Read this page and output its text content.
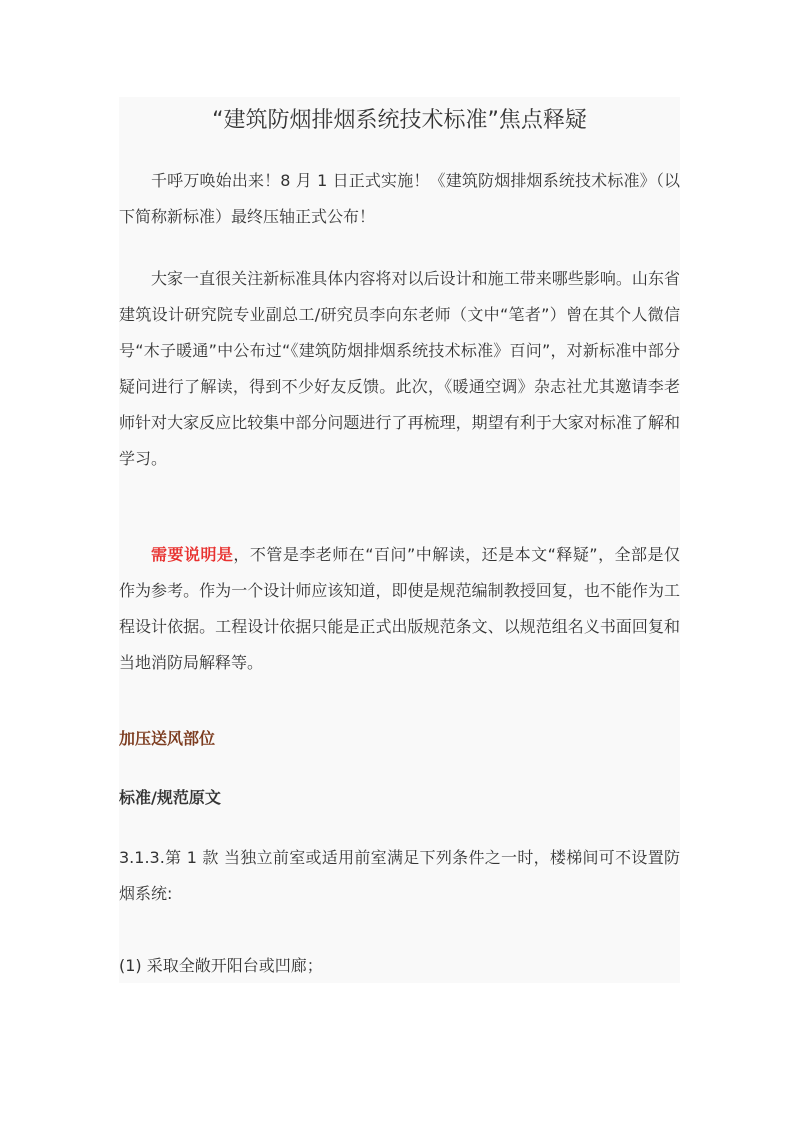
“建筑防烟排烟系统技术标准”焦点释疑

千呼万唤始出来！8 月 1 日正式实施！《建筑防烟排烟系统技术标准》（以下简称新标准）最终压轴正式公布！

大家一直很关注新标准具体内容将对以后设计和施工带来哪些影响。山东省建筑设计研究院专业副总工/研究员李向东老师（文中“笔者”）曾在其个人微信号“木子暖通”中公布过“《建筑防烟排烟系统技术标准》百问”，对新标准中部分疑问进行了解读，得到不少好友反馈。此次，《暖通空调》杂志社尤其邀请李老师针对大家反应比较集中部分问题进行了再梳理，期望有利于大家对标准了解和学习。

需要说明是，不管是李老师在“百问”中解读，还是本文“释疑”，全部是仅作为参考。作为一个设计师应该知道，即使是规范编制教授回复，也不能作为工程设计依据。工程设计依据只能是正式出版规范条文、以规范组名义书面回复和当地消防局解释等。

加压送风部位
标准/规范原文

3.1.3.第 1 款 当独立前室或适用前室满足下列条件之一时，楼梯间可不设置防烟系统:

(1) 采取全敞开阳台或凹廊；
